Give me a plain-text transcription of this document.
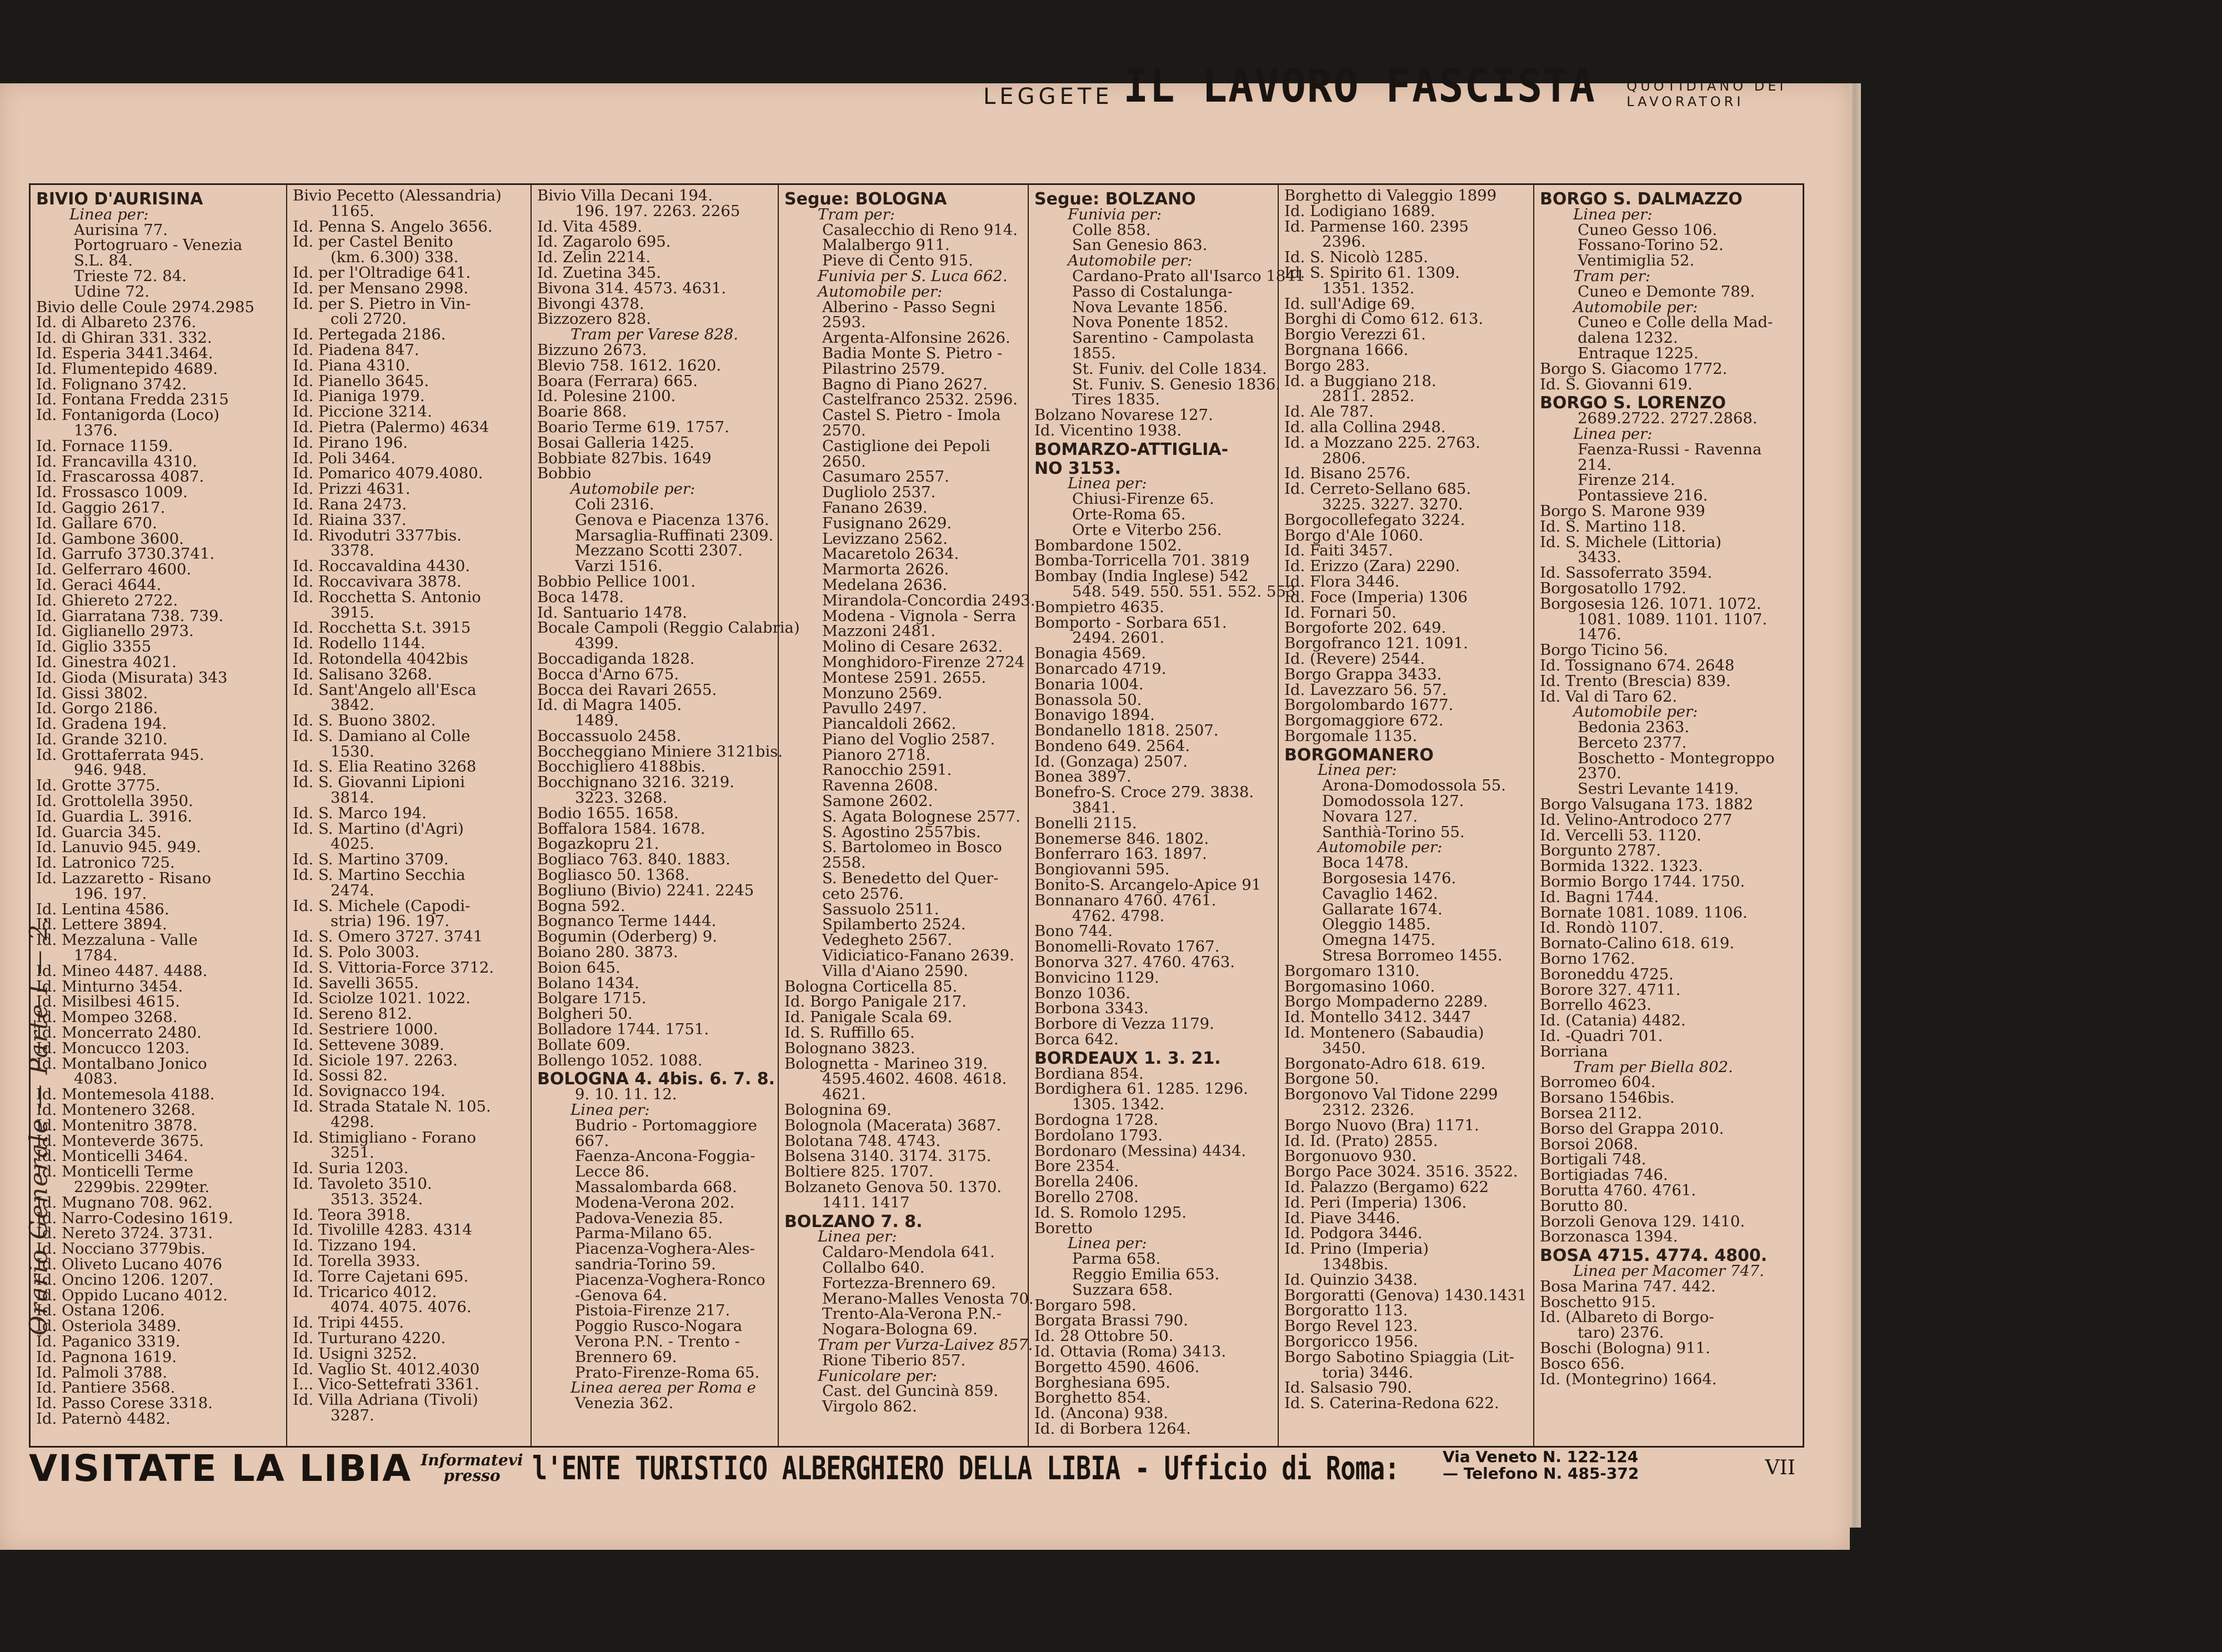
Orario Generale — Parte I — 2.
LEGGETE IL LAVORO FASCISTA QUOTIDIANO DEI
LAVORATORI
BIVIO D'AURISINA
Linea per:
Aurisina 77.
Portogruaro - Venezia
S.L. 84.
Trieste 72. 84.
Udine 72.
Bivio delle Coule 2974.2985
Id. di Albareto 2376.
Id. di Ghiran 331. 332.
Id. Esperia 3441.3464.
Id. Flumentepido 4689.
Id. Folignano 3742.
Id. Fontana Fredda 2315
Id. Fontanigorda (Loco)
1376.
Id. Fornace 1159.
Id. Francavilla 4310.
Id. Frascarossa 4087.
Id. Frossasco 1009.
Id. Gaggio 2617.
Id. Gallare 670.
Id. Gambone 3600.
Id. Garrufo 3730.3741.
Id. Gelferraro 4600.
Id. Geraci 4644.
Id. Ghiereto 2722.
Id. Giarratana 738. 739.
Id. Giglianello 2973.
Id. Giglio 3355
Id. Ginestra 4021.
Id. Gioda (Misurata) 343
Id. Gissi 3802.
Id. Gorgo 2186.
Id. Gradena 194.
Id. Grande 3210.
Id. Grottaferrata 945.
946. 948.
Id. Grotte 3775.
Id. Grottolella 3950.
Id. Guardia L. 3916.
Id. Guarcia 345.
Id. Lanuvio 945. 949.
Id. Latronico 725.
Id. Lazzaretto - Risano
196. 197.
Id. Lentina 4586.
Id. Lettere 3894.
Id. Mezzaluna - Valle
1784.
Id. Mineo 4487. 4488.
Id. Minturno 3454.
Id. Misilbesi 4615.
Id. Mompeo 3268.
Id. Moncerrato 2480.
Id. Moncucco 1203.
Id. Montalbano Jonico
4083.
Id. Montemesola 4188.
Id. Montenero 3268.
Id. Montenitro 3878.
Id. Monteverde 3675.
Id. Monticelli 3464.
Id. Monticelli Terme
2299bis. 2299ter.
Id. Mugnano 708. 962.
Id. Narro-Codesino 1619.
Id. Nereto 3724. 3731.
Id. Nocciano 3779bis.
Id. Oliveto Lucano 4076
Id. Oncino 1206. 1207.
Id. Oppido Lucano 4012.
Id. Ostana 1206.
Id. Osteriola 3489.
Id. Paganico 3319.
Id. Pagnona 1619.
Id. Palmoli 3788.
Id. Pantiere 3568.
Id. Passo Corese 3318.
Id. Paternò 4482.
Bivio Pecetto (Alessandria)
1165.
Id. Penna S. Angelo 3656.
Id. per Castel Benito
(km. 6.300) 338.
Id. per l'Oltradige 641.
Id. per Mensano 2998.
Id. per S. Pietro in Vin-
coli 2720.
Id. Pertegada 2186.
Id. Piadena 847.
Id. Piana 4310.
Id. Pianello 3645.
Id. Pianiga 1979.
Id. Piccione 3214.
Id. Pietra (Palermo) 4634
Id. Pirano 196.
Id. Poli 3464.
Id. Pomarico 4079.4080.
Id. Prizzi 4631.
Id. Rana 2473.
Id. Riaina 337.
Id. Rivodutri 3377bis.
3378.
Id. Roccavaldina 4430.
Id. Roccavivara 3878.
Id. Rocchetta S. Antonio
3915.
Id. Rocchetta S.t. 3915
Id. Rodello 1144.
Id. Rotondella 4042bis
Id. Salisano 3268.
Id. Sant'Angelo all'Esca
3842.
Id. S. Buono 3802.
Id. S. Damiano al Colle
1530.
Id. S. Elia Reatino 3268
Id. S. Giovanni Lipioni
3814.
Id. S. Marco 194.
Id. S. Martino (d'Agri)
4025.
Id. S. Martino 3709.
Id. S. Martino Secchia
2474.
Id. S. Michele (Capodi-
stria) 196. 197.
Id. S. Omero 3727. 3741
Id. S. Polo 3003.
Id. S. Vittoria-Force 3712.
Id. Savelli 3655.
Id. Sciolze 1021. 1022.
Id. Sereno 812.
Id. Sestriere 1000.
Id. Settevene 3089.
Id. Siciole 197. 2263.
Id. Sossi 82.
Id. Sovignacco 194.
Id. Strada Statale N. 105.
4298.
Id. Stimigliano - Forano
3251.
Id. Suria 1203.
Id. Tavoleto 3510.
3513. 3524.
Id. Teora 3918.
Id. Tivolille 4283. 4314
Id. Tizzano 194.
Id. Torella 3933.
Id. Torre Cajetani 695.
Id. Tricarico 4012.
4074. 4075. 4076.
Id. Tripi 4455.
Id. Turturano 4220.
Id. Usigni 3252.
Id. Vaglio St. 4012.4030
I... Vico-Settefrati 3361.
Id. Villa Adriana (Tivoli)
3287.
Bivio Villa Decani 194.
196. 197. 2263. 2265
Id. Vita 4589.
Id. Zagarolo 695.
Id. Zelin 2214.
Id. Zuetina 345.
Bivona 314. 4573. 4631.
Bivongi 4378.
Bizzozero 828.
Tram per Varese 828.
Bizzuno 2673.
Blevio 758. 1612. 1620.
Boara (Ferrara) 665.
Id. Polesine 2100.
Boarie 868.
Boario Terme 619. 1757.
Bosai Galleria 1425.
Bobbiate 827bis. 1649
Bobbio
Automobile per:
Coli 2316.
Genova e Piacenza 1376.
Marsaglia-Ruffinati 2309.
Mezzano Scotti 2307.
Varzi 1516.
Bobbio Pellice 1001.
Boca 1478.
Id. Santuario 1478.
Bocale Campoli (Reggio Calabria)
4399.
Boccadiganda 1828.
Bocca d'Arno 675.
Bocca dei Ravari 2655.
Id. di Magra 1405.
1489.
Boccassuolo 2458.
Boccheggiano Miniere 3121bis.
Bocchigliero 4188bis.
Bocchignano 3216. 3219.
3223. 3268.
Bodio 1655. 1658.
Boffalora 1584. 1678.
Bogazkopru 21.
Bogliaco 763. 840. 1883.
Bogliasco 50. 1368.
Bogliuno (Bivio) 2241. 2245
Bogna 592.
Bognanco Terme 1444.
Bogumin (Oderberg) 9.
Boiano 280. 3873.
Boion 645.
Bolano 1434.
Bolgare 1715.
Bolgheri 50.
Bolladore 1744. 1751.
Bollate 609.
Bollengo 1052. 1088.
BOLOGNA 4. 4bis. 6. 7. 8.
9. 10. 11. 12.
Linea per:
Budrio - Portomaggiore
667.
Faenza-Ancona-Foggia-
Lecce 86.
Massalombarda 668.
Modena-Verona 202.
Padova-Venezia 85.
Parma-Milano 65.
Piacenza-Voghera-Ales-
sandria-Torino 59.
Piacenza-Voghera-Ronco
-Genova 64.
Pistoia-Firenze 217.
Poggio Rusco-Nogara
Verona P.N. - Trento -
Brennero 69.
Prato-Firenze-Roma 65.
Linea aerea per Roma e
Venezia 362.
Segue: BOLOGNA
Tram per:
Casalecchio di Reno 914.
Malalbergo 911.
Pieve di Cento 915.
Funivia per S. Luca 662.
Automobile per:
Alberino - Passo Segni
2593.
Argenta-Alfonsine 2626.
Badia Monte S. Pietro -
Pilastrino 2579.
Bagno di Piano 2627.
Castelfranco 2532. 2596.
Castel S. Pietro - Imola
2570.
Castiglione dei Pepoli
2650.
Casumaro 2557.
Dugliolo 2537.
Fanano 2639.
Fusignano 2629.
Levizzano 2562.
Macaretolo 2634.
Marmorta 2626.
Medelana 2636.
Mirandola-Concordia 2493.
Modena - Vignola - Serra
Mazzoni 2481.
Molino di Cesare 2632.
Monghidoro-Firenze 2724
Montese 2591. 2655.
Monzuno 2569.
Pavullo 2497.
Piancaldoli 2662.
Piano del Voglio 2587.
Pianoro 2718.
Ranocchio 2591.
Ravenna 2608.
Samone 2602.
S. Agata Bolognese 2577.
S. Agostino 2557bis.
S. Bartolomeo in Bosco
2558.
S. Benedetto del Quer-
ceto 2576.
Sassuolo 2511.
Spilamberto 2524.
Vedegheto 2567.
Vidiciatico-Fanano 2639.
Villa d'Aiano 2590.
Bologna Corticella 85.
Id. Borgo Panigale 217.
Id. Panigale Scala 69.
Id. S. Ruffillo 65.
Bolognano 3823.
Bolognetta - Marineo 319.
4595.4602. 4608. 4618.
4621.
Bolognina 69.
Bolognola (Macerata) 3687.
Bolotana 748. 4743.
Bolsena 3140. 3174. 3175.
Boltiere 825. 1707.
Bolzaneto Genova 50. 1370.
1411. 1417
BOLZANO 7. 8.
Linea per:
Caldaro-Mendola 641.
Collalbo 640.
Fortezza-Brennero 69.
Merano-Malles Venosta 70.
Trento-Ala-Verona P.N.-
Nogara-Bologna 69.
Tram per Vurza-Laivez 857.
Rione Tiberio 857.
Funicolare per:
Cast. del Guncinà 859.
Virgolo 862.
Segue: BOLZANO
Funivia per:
Colle 858.
San Genesio 863.
Automobile per:
Cardano-Prato all'Isarco 1841
Passo di Costalunga-
Nova Levante 1856.
Nova Ponente 1852.
Sarentino - Campolasta
1855.
St. Funiv. del Colle 1834.
St. Funiv. S. Genesio 1836.
Tires 1835.
Bolzano Novarese 127.
Id. Vicentino 1938.
BOMARZO-ATTIGLIA-
NO 3153.
Linea per:
Chiusi-Firenze 65.
Orte-Roma 65.
Orte e Viterbo 256.
Bombardone 1502.
Bomba-Torricella 701. 3819
Bombay (India Inglese) 542
548. 549. 550. 551. 552. 553
Bompietro 4635.
Bomporto - Sorbara 651.
2494. 2601.
Bonagia 4569.
Bonarcado 4719.
Bonaria 1004.
Bonassola 50.
Bonavigo 1894.
Bondanello 1818. 2507.
Bondeno 649. 2564.
Id. (Gonzaga) 2507.
Bonea 3897.
Bonefro-S. Croce 279. 3838.
3841.
Bonelli 2115.
Bonemerse 846. 1802.
Bonferraro 163. 1897.
Bongiovanni 595.
Bonito-S. Arcangelo-Apice 91
Bonnanaro 4760. 4761.
4762. 4798.
Bono 744.
Bonomelli-Rovato 1767.
Bonorva 327. 4760. 4763.
Bonvicino 1129.
Bonzo 1036.
Borbona 3343.
Borbore di Vezza 1179.
Borca 642.
BORDEAUX 1. 3. 21.
Bordiana 854.
Bordighera 61. 1285. 1296.
1305. 1342.
Bordogna 1728.
Bordolano 1793.
Bordonaro (Messina) 4434.
Bore 2354.
Borella 2406.
Borello 2708.
Id. S. Romolo 1295.
Boretto
Linea per:
Parma 658.
Reggio Emilia 653.
Suzzara 658.
Borgaro 598.
Borgata Brassi 790.
Id. 28 Ottobre 50.
Id. Ottavia (Roma) 3413.
Borgetto 4590. 4606.
Borghesiana 695.
Borghetto 854.
Id. (Ancona) 938.
Id. di Borbera 1264.
Borghetto di Valeggio 1899
Id. Lodigiano 1689.
Id. Parmense 160. 2395
2396.
Id. S. Nicolò 1285.
Id. S. Spirito 61. 1309.
1351. 1352.
Id. sull'Adige 69.
Borghi di Como 612. 613.
Borgio Verezzi 61.
Borgnana 1666.
Borgo 283.
Id. a Buggiano 218.
2811. 2852.
Id. Ale 787.
Id. alla Collina 2948.
Id. a Mozzano 225. 2763.
2806.
Id. Bisano 2576.
Id. Cerreto-Sellano 685.
3225. 3227. 3270.
Borgocollefegato 3224.
Borgo d'Ale 1060.
Id. Faiti 3457.
Id. Erizzo (Zara) 2290.
Id. Flora 3446.
Id. Foce (Imperia) 1306
Id. Fornari 50.
Borgoforte 202. 649.
Borgofranco 121. 1091.
Id. (Revere) 2544.
Borgo Grappa 3433.
Id. Lavezzaro 56. 57.
Borgolombardo 1677.
Borgomaggiore 672.
Borgomale 1135.
BORGOMANERO
Linea per:
Arona-Domodossola 55.
Domodossola 127.
Novara 127.
Santhià-Torino 55.
Automobile per:
Boca 1478.
Borgosesia 1476.
Cavaglio 1462.
Gallarate 1674.
Oleggio 1485.
Omegna 1475.
Stresa Borromeo 1455.
Borgomaro 1310.
Borgomasino 1060.
Borgo Mompaderno 2289.
Id. Montello 3412. 3447
Id. Montenero (Sabaudia)
3450.
Borgonato-Adro 618. 619.
Borgone 50.
Borgonovo Val Tidone 2299
2312. 2326.
Borgo Nuovo (Bra) 1171.
Id. Id. (Prato) 2855.
Borgonuovo 930.
Borgo Pace 3024. 3516. 3522.
Id. Palazzo (Bergamo) 622
Id. Peri (Imperia) 1306.
Id. Piave 3446.
Id. Podgora 3446.
Id. Prino (Imperia)
1348bis.
Id. Quinzio 3438.
Borgoratti (Genova) 1430.1431
Borgoratto 113.
Borgo Revel 123.
Borgoricco 1956.
Borgo Sabotino Spiaggia (Lit-
toria) 3446.
Id. Salsasio 790.
Id. S. Caterina-Redona 622.
BORGO S. DALMAZZO
Linea per:
Cuneo Gesso 106.
Fossano-Torino 52.
Ventimiglia 52.
Tram per:
Cuneo e Demonte 789.
Automobile per:
Cuneo e Colle della Mad-
dalena 1232.
Entraque 1225.
Borgo S. Giacomo 1772.
Id. S. Giovanni 619.
BORGO S. LORENZO
2689.2722. 2727.2868.
Linea per:
Faenza-Russi - Ravenna
214.
Firenze 214.
Pontassieve 216.
Borgo S. Marone 939
Id. S. Martino 118.
Id. S. Michele (Littoria)
3433.
Id. Sassoferrato 3594.
Borgosatollo 1792.
Borgosesia 126. 1071. 1072.
1081. 1089. 1101. 1107.
1476.
Borgo Ticino 56.
Id. Tossignano 674. 2648
Id. Trento (Brescia) 839.
Id. Val di Taro 62.
Automobile per:
Bedonia 2363.
Berceto 2377.
Boschetto - Montegroppo
2370.
Sestri Levante 1419.
Borgo Valsugana 173. 1882
Id. Velino-Antrodoco 277
Id. Vercelli 53. 1120.
Borgunto 2787.
Bormida 1322. 1323.
Bormio Borgo 1744. 1750.
Id. Bagni 1744.
Bornate 1081. 1089. 1106.
Id. Rondò 1107.
Bornato-Calino 618. 619.
Borno 1762.
Boroneddu 4725.
Borore 327. 4711.
Borrello 4623.
Id. (Catania) 4482.
Id. -Quadri 701.
Borriana
Tram per Biella 802.
Borromeo 604.
Borsano 1546bis.
Borsea 2112.
Borso del Grappa 2010.
Borsoi 2068.
Bortigali 748.
Bortigiadas 746.
Borutta 4760. 4761.
Borutto 80.
Borzoli Genova 129. 1410.
Borzonasca 1394.
BOSA 4715. 4774. 4800.
Linea per Macomer 747.
Bosa Marina 747. 442.
Boschetto 915.
Id. (Albareto di Borgo-
taro) 2376.
Boschi (Bologna) 911.
Bosco 656.
Id. (Montegrino) 1664.
VISITATE LA LIBIA Informatevi
presso l'ENTE TURISTICO ALBERGHIERO DELLA LIBIA - Ufficio di Roma:	Via Veneto N. 122-124
— Telefono N. 485-372	VII
